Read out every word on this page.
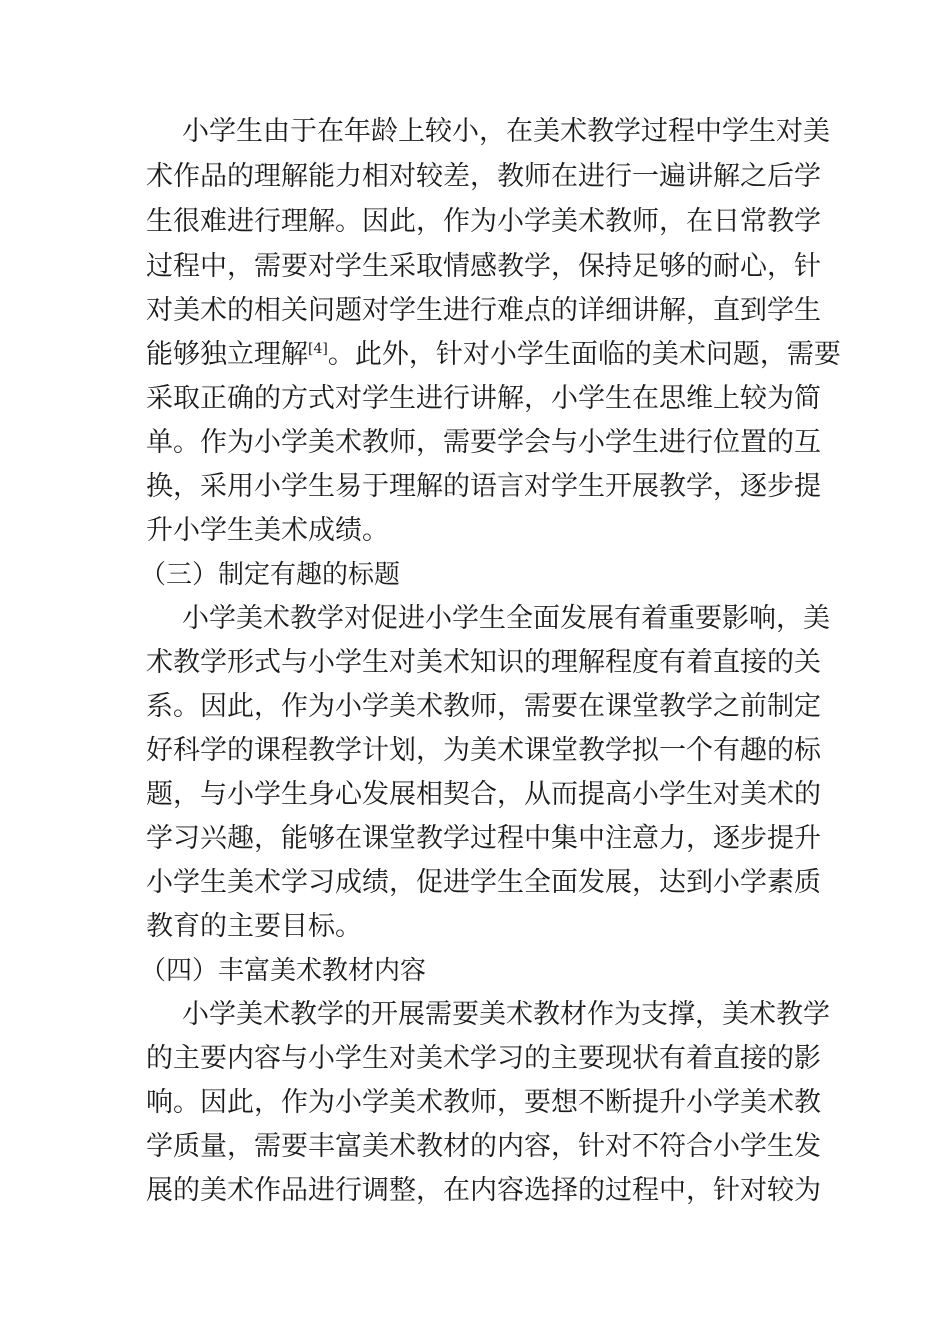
小学生由于在年龄上较小，在美术教学过程中学生对美
术作品的理解能力相对较差，教师在进行一遍讲解之后学
生很难进行理解。因此，作为小学美术教师，在日常教学
过程中，需要对学生采取情感教学，保持足够的耐心，针
对美术的相关问题对学生进行难点的详细讲解，直到学生
能够独立理解[4]。此外，针对小学生面临的美术问题，需要
采取正确的方式对学生进行讲解，小学生在思维上较为简
单。作为小学美术教师，需要学会与小学生进行位置的互
换，采用小学生易于理解的语言对学生开展教学，逐步提
升小学生美术成绩。
（三）制定有趣的标题
小学美术教学对促进小学生全面发展有着重要影响，美
术教学形式与小学生对美术知识的理解程度有着直接的关
系。因此，作为小学美术教师，需要在课堂教学之前制定
好科学的课程教学计划，为美术课堂教学拟一个有趣的标
题，与小学生身心发展相契合，从而提高小学生对美术的
学习兴趣，能够在课堂教学过程中集中注意力，逐步提升
小学生美术学习成绩，促进学生全面发展，达到小学素质
教育的主要目标。
（四）丰富美术教材内容
小学美术教学的开展需要美术教材作为支撑，美术教学
的主要内容与小学生对美术学习的主要现状有着直接的影
响。因此，作为小学美术教师，要想不断提升小学美术教
学质量，需要丰富美术教材的内容，针对不符合小学生发
展的美术作品进行调整，在内容选择的过程中，针对较为
